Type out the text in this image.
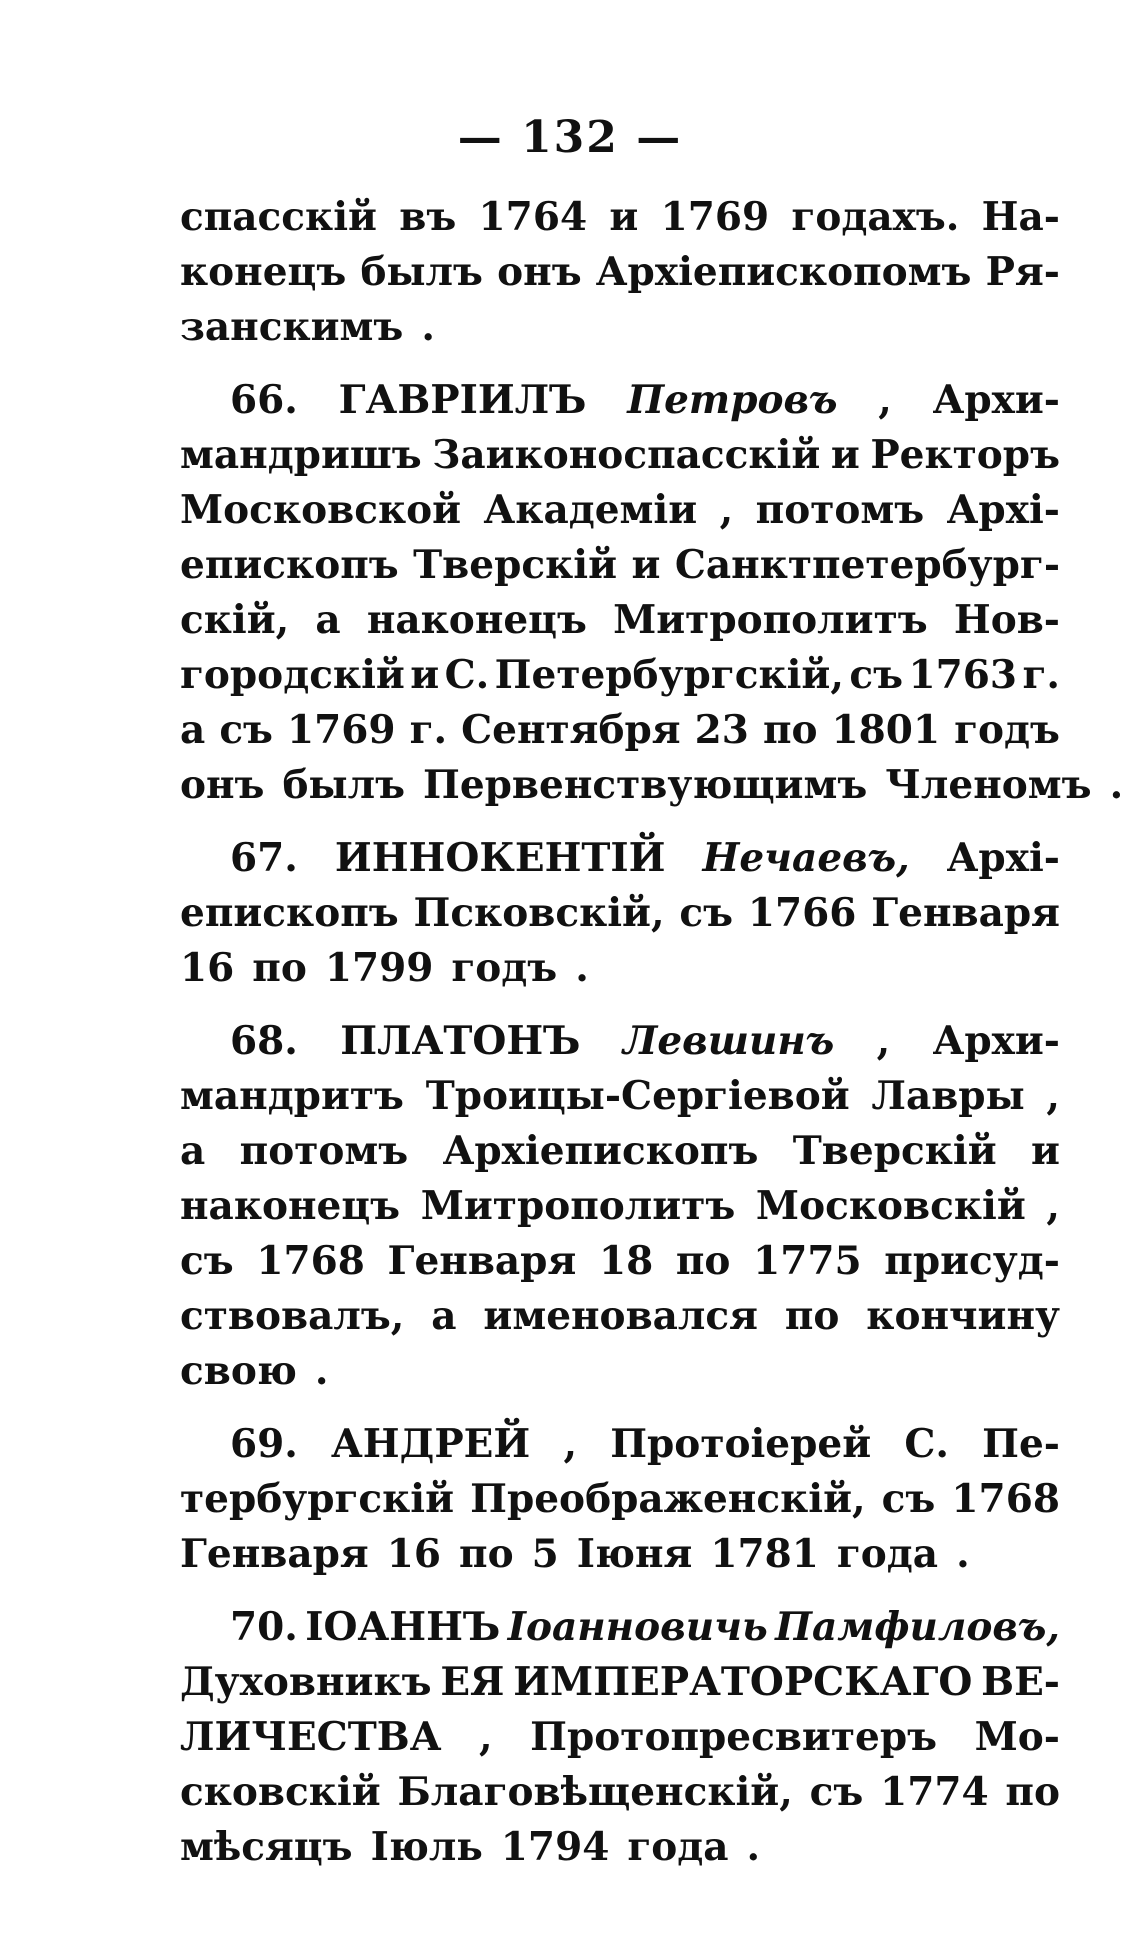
— 132 —
спасскій въ 1764 и 1769 годахъ. На-
конецъ былъ онъ Архіепископомъ Ря-
занскимъ .
66. ГАВРІИЛЪ Петровъ , Архи-
мандришъ Заиконоспасскій и Ректоръ
Московской Академіи , потомъ Архі-
епископъ Тверскій и Санктпетербург-
скій, а наконецъ Митрополитъ Нов-
городскій и С. Петербургскій, съ 1763 г.
а съ 1769 г. Сентября 23 по 1801 годъ
онъ былъ Первенствующимъ Членомъ .
67. ИННОКЕНТІЙ Нечаевъ, Архі-
епископъ Псковскій, съ 1766 Генваря
16 по 1799 годъ .
68. ПЛАТОНЪ Левшинъ , Архи-
мандритъ Троицы-Сергіевой Лавры ,
а потомъ Архіепископъ Тверскій и
наконецъ Митрополитъ Московскій ,
съ 1768 Генваря 18 по 1775 присуд-
ствовалъ, а именовался по кончину
свою .
69. АНДРЕЙ , Протоіерей С. Пе-
тербургскій Преображенскій, съ 1768
Генваря 16 по 5 Іюня 1781 года .
70. ІОАННЪ Іоанновичь Памфиловъ,
Духовникъ ЕЯ ИМПЕРАТОРСКАГО ВЕ-
ЛИЧЕСТВА , Протопресвитеръ Мо-
сковскій Благовѣщенскій, съ 1774 по
мѣсяцъ Іюль 1794 года .
